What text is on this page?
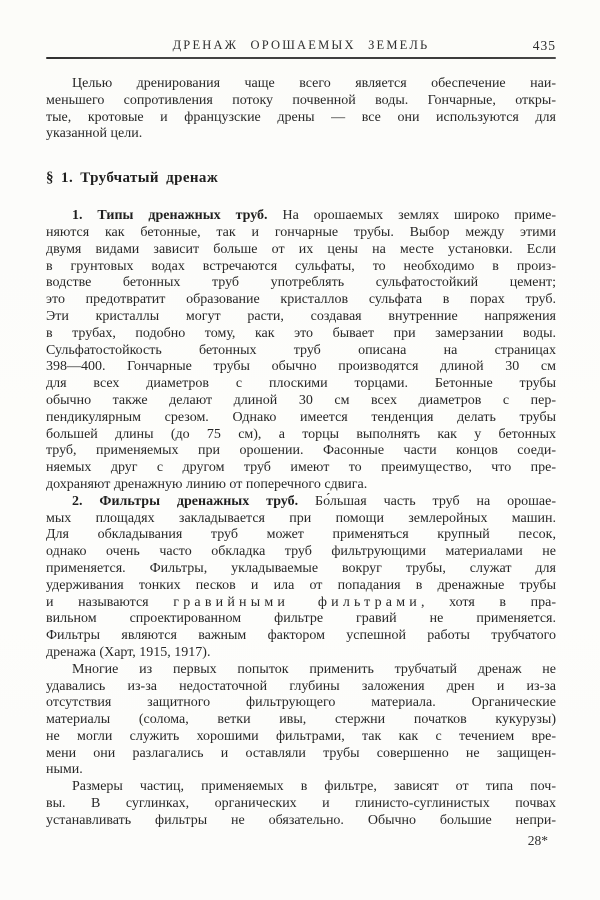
ДРЕНАЖ ОРОШАЕМЫХ ЗЕМЕЛЬ	435
Целью дренирования чаще всего является обеспечение наи-
меньшего сопротивления потоку почвенной воды. Гончарные, откры-
тые, кротовые и французские дрены — все они используются для
указанной цели.
§ 1. Трубчатый дренаж
1. Типы дренажных труб. На орошаемых землях широко приме-
няются как бетонные, так и гончарные трубы. Выбор между этими
двумя видами зависит больше от их цены на месте установки. Если
в грунтовых водах встречаются сульфаты, то необходимо в произ-
водстве бетонных труб употреблять сульфатостойкий цемент;
это предотвратит образование кристаллов сульфата в порах труб.
Эти кристаллы могут расти, создавая внутренние напряжения
в трубах, подобно тому, как это бывает при замерзании воды.
Сульфатостойкость бетонных труб описана на страницах
398—400. Гончарные трубы обычно производятся длиной 30 см
для всех диаметров с плоскими торцами. Бетонные трубы
обычно также делают длиной 30 см всех диаметров с пер-
пендикулярным срезом. Однако имеется тенденция делать трубы
большей длины (до 75 см), а торцы выполнять как у бетонных
труб, применяемых при орошении. Фасонные части концов соеди-
няемых друг с другом труб имеют то преимущество, что пре-
дохраняют дренажную линию от поперечного сдвига.
2. Фильтры дренажных труб. Бо́льшая часть труб на орошае-
мых площадях закладывается при помощи землеройных машин.
Для обкладывания труб может применяться крупный песок,
однако очень часто обкладка труб фильтрующими материалами не
применяется. Фильтры, укладываемые вокруг трубы, служат для
удерживания тонких песков и ила от попадания в дренажные трубы
и называются гравийными фильтрами, хотя в пра-
вильном спроектированном фильтре гравий не применяется.
Фильтры являются важным фактором успешной работы трубчатого
дренажа (Харт, 1915, 1917).
Многие из первых попыток применить трубчатый дренаж не
удавались из-за недостаточной глубины заложения дрен и из-за
отсутствия защитного фильтрующего материала. Органические
материалы (солома, ветки ивы, стержни початков кукурузы)
не могли служить хорошими фильтрами, так как с течением вре-
мени они разлагались и оставляли трубы совершенно не защищен-
ными.
Размеры частиц, применяемых в фильтре, зависят от типа поч-
вы. В суглинках, органических и глинисто-суглинистых почвах
устанавливать фильтры не обязательно. Обычно большие непри-
28*
